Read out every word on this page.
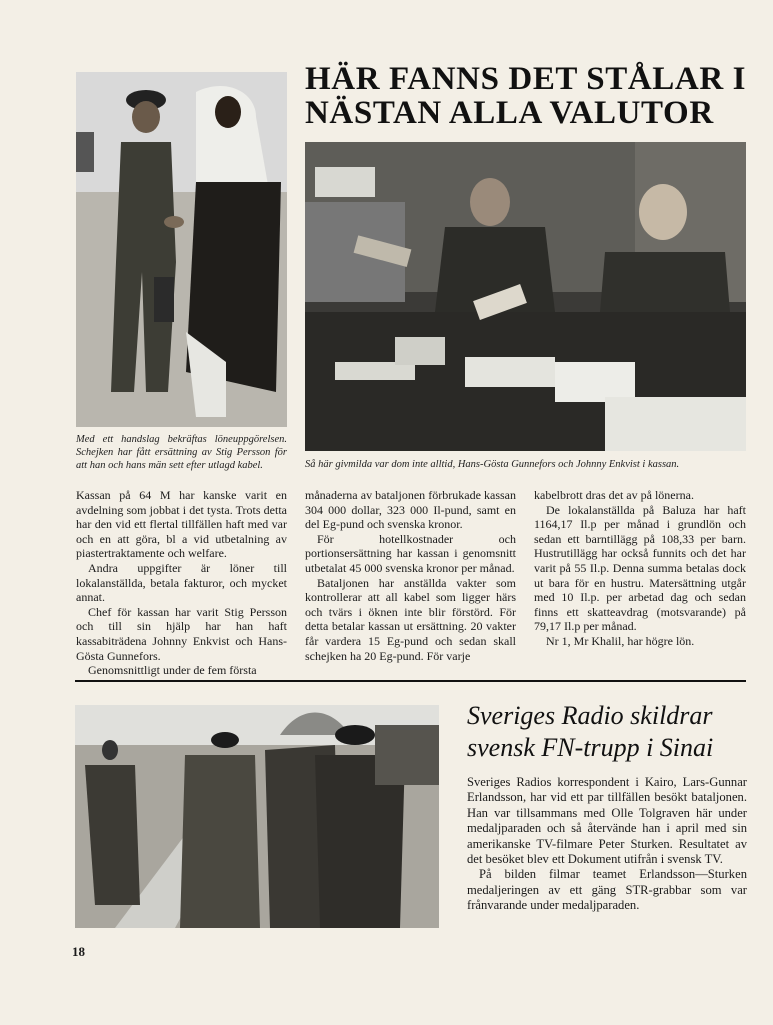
HÄR FANNS DET STÅLAR I NÄSTAN ALLA VALUTOR
Med ett handslag bekräftas löneuppgörelsen. Schejken har fått ersättning av Stig Persson för att han och hans män sett efter utlagd kabel.	Så här givmilda var dom inte alltid, Hans-Gösta Gunnefors och Johnny Enkvist i kassan.

Kassan på 64 M har kanske varit en avdelning som jobbat i det tysta. Trots detta har den vid ett flertal tillfällen haft med var och en att göra, bl a vid utbetalning av piastertraktamente och welfare.

Andra uppgifter är löner till lokalanställda, betala fakturor, och mycket annat.

Chef för kassan har varit Stig Persson och till sin hjälp har han haft kassabiträdena Johnny Enkvist och Hans-Gösta Gunnefors.

Genomsnittligt under de fem första

månaderna av bataljonen förbrukade kassan 304 000 dollar, 323 000 Il-pund, samt en del Eg-pund och svenska kronor.

För hotellkostnader och portionsersättning har kassan i genomsnitt utbetalat 45 000 svenska kronor per månad.

Bataljonen har anställda vakter som kontrollerar att all kabel som ligger härs och tvärs i öknen inte blir förstörd. För detta betalar kassan ut ersättning. 20 vakter får vardera 15 Eg-pund och sedan skall schejken ha 20 Eg-pund. För varje

kabelbrott dras det av på lönerna.

De lokalanställda på Baluza har haft 1164,17 Il.p per månad i grundlön och sedan ett barntillägg på 108,33 per barn. Hustrutillägg har också funnits och det har varit på 55 Il.p. Denna summa betalas dock ut bara för en hustru. Matersättning utgår med 10 Il.p. per arbetad dag och sedan finns ett skatteavdrag (motsvarande) på 79,17 Il.p per månad.

Nr 1, Mr Khalil, har högre lön.

Sveriges Radio skildrar
svensk FN-trupp i Sinai

Sveriges Radios korrespondent i Kairo, Lars-Gunnar Erlandsson, har vid ett par tillfällen besökt bataljonen. Han var tillsammans med Olle Tolgraven här under medaljparaden och så återvände han i april med sin amerikanske TV-filmare Peter Sturken. Resultatet av det besöket blev ett Dokument utifrån i svensk TV.

På bilden filmar teamet Erlandsson—Sturken medaljeringen av ett gäng STR-grabbar som var frånvarande under medaljparaden.

18
